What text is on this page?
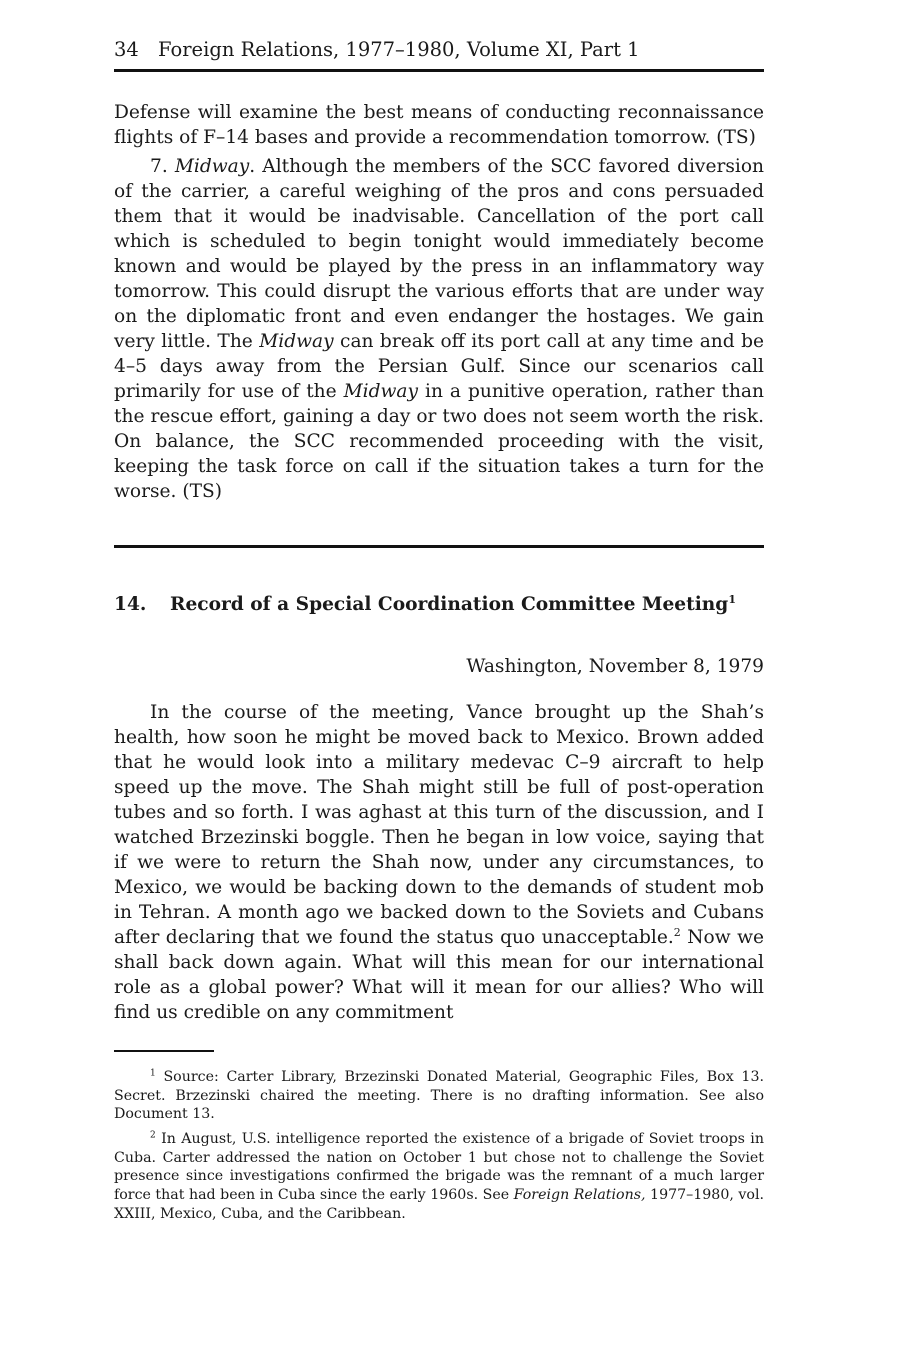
34 Foreign Relations, 1977–1980, Volume XI, Part 1

Defense will examine the best means of conducting reconnaissance flights of F–14 bases and provide a recommendation tomorrow. (TS)

7. Midway. Although the members of the SCC favored diversion of the carrier, a careful weighing of the pros and cons persuaded them that it would be inadvisable. Cancellation of the port call which is scheduled to begin tonight would immediately become known and would be played by the press in an inflammatory way tomorrow. This could disrupt the various efforts that are under way on the diplomatic front and even endanger the hostages. We gain very little. The Midway can break off its port call at any time and be 4–5 days away from the Persian Gulf. Since our scenarios call primarily for use of the Midway in a punitive operation, rather than the rescue effort, gaining a day or two does not seem worth the risk. On balance, the SCC recommended proceeding with the visit, keeping the task force on call if the situation takes a turn for the worse. (TS)

14. Record of a Special Coordination Committee Meeting$^1$
Washington, November 8, 1979

In the course of the meeting, Vance brought up the Shah’s health, how soon he might be moved back to Mexico. Brown added that he would look into a military medevac C–9 aircraft to help speed up the move. The Shah might still be full of post-operation tubes and so forth. I was aghast at this turn of the discussion, and I watched Brzezinski boggle. Then he began in low voice, saying that if we were to return the Shah now, under any circumstances, to Mexico, we would be backing down to the demands of student mob in Tehran. A month ago we backed down to the Soviets and Cubans after declaring that we found the status quo unacceptable.$^2$ Now we shall back down again. What will this mean for our international role as a global power? What will it mean for our allies? Who will find us credible on any commitment

$^1$ Source: Carter Library, Brzezinski Donated Material, Geographic Files, Box 13. Secret. Brzezinski chaired the meeting. There is no drafting information. See also Document 13.

$^2$ In August, U.S. intelligence reported the existence of a brigade of Soviet troops in Cuba. Carter addressed the nation on October 1 but chose not to challenge the Soviet presence since investigations confirmed the brigade was the remnant of a much larger force that had been in Cuba since the early 1960s. See Foreign Relations, 1977–1980, vol. XXIII, Mexico, Cuba, and the Caribbean.
